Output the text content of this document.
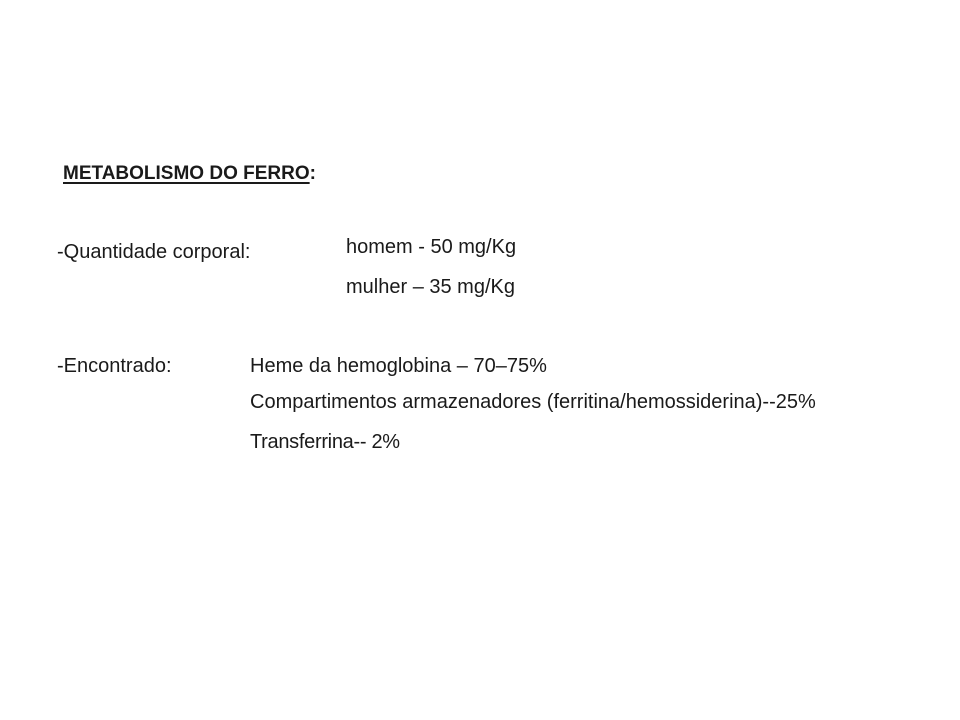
METABOLISMO DO FERRO:
-Quantidade corporal:	homem - 50 mg/Kg
mulher – 35 mg/Kg
-Encontrado:	Heme da hemoglobina – 70–75%
Compartimentos armazenadores (ferritina/hemossiderina)--25%
Transferrina-- 2%
